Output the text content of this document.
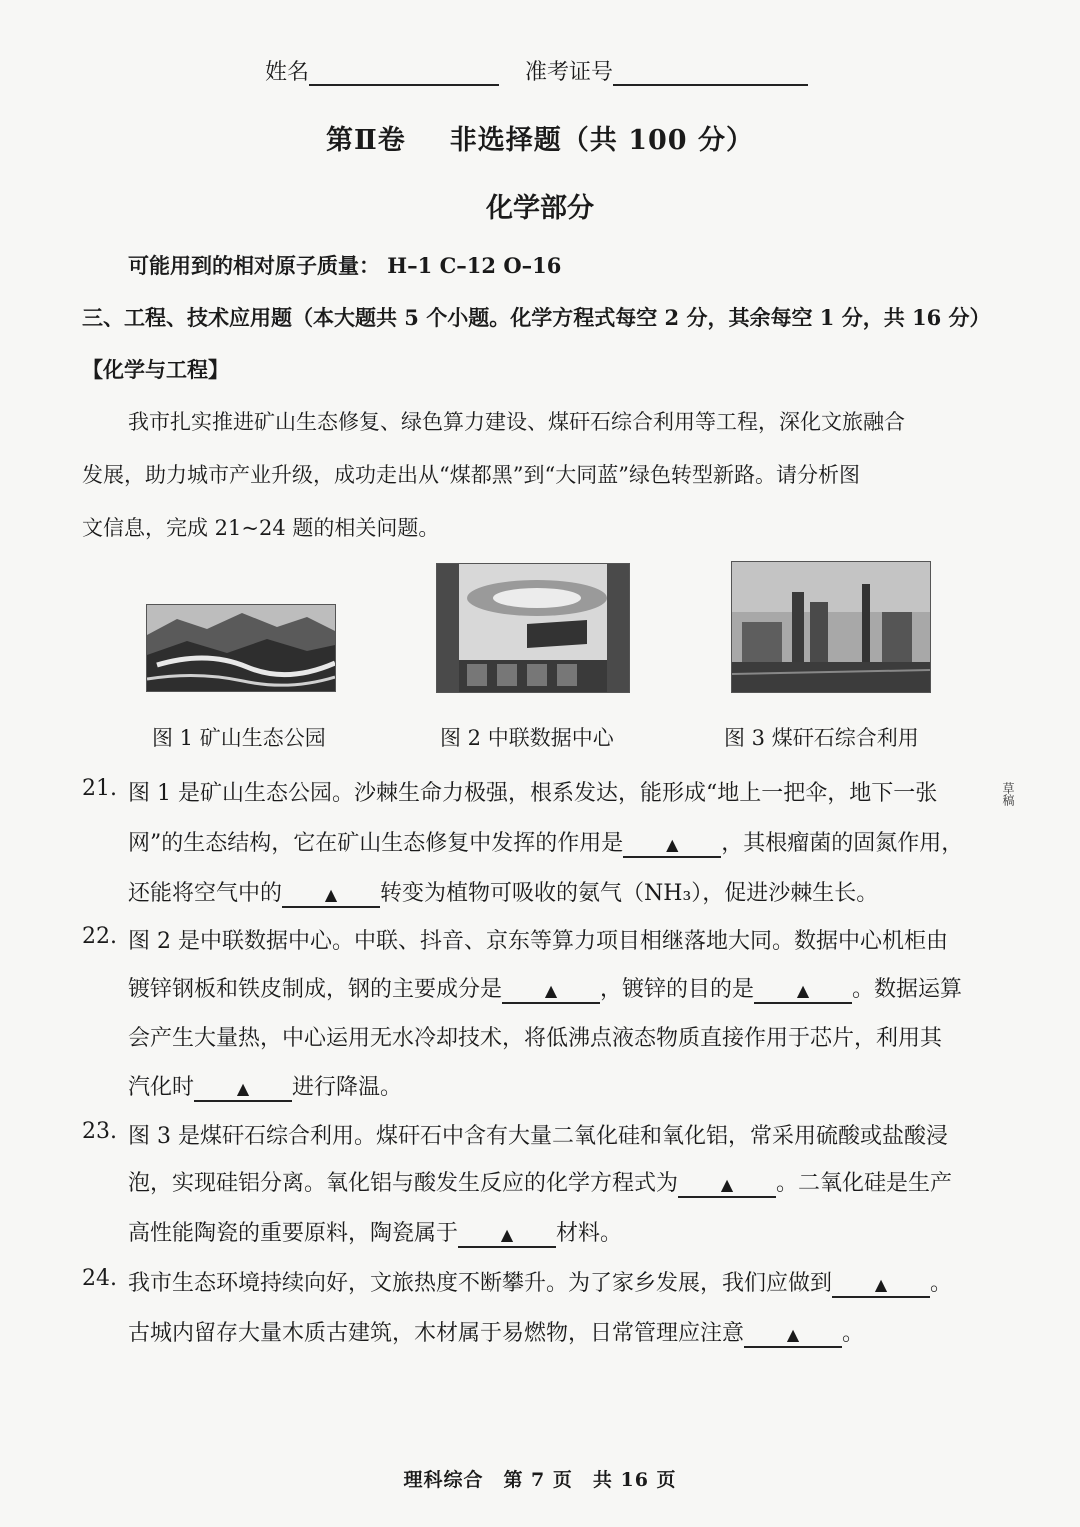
姓名	准考证号
第Ⅱ卷 非选择题（共 100 分）
化学部分
可能用到的相对原子质量： H–1 C–12 O–16
三、工程、技术应用题（本大题共 5 个小题。化学方程式每空 2 分，其余每空 1 分，共 16 分）
【化学与工程】
我市扎实推进矿山生态修复、绿色算力建设、煤矸石综合利用等工程，深化文旅融合
发展，助力城市产业升级，成功走出从“煤都黑”到“大同蓝”绿色转型新路。请分析图
文信息，完成 21~24 题的相关问题。
图 1 矿山生态公园	图 2 中联数据中心	图 3 煤矸石综合利用
21. 图 1 是矿山生态公园。沙棘生命力极强，根系发达，能形成“地上一把伞，地下一张
网”的生态结构，它在矿山生态修复中发挥的作用是	▲ ，其根瘤菌的固氮作用，
还能将空气中的	▲ 转变为植物可吸收的氨气（NH₃），促进沙棘生长。
草稿
22. 图 2 是中联数据中心。中联、抖音、京东等算力项目相继落地大同。数据中心机柜由
镀锌钢板和铁皮制成，钢的主要成分是	▲ ，镀锌的目的是	▲ 。数据运算
会产生大量热，中心运用无水冷却技术，将低沸点液态物质直接作用于芯片，利用其
汽化时	▲ 进行降温。
23. 图 3 是煤矸石综合利用。煤矸石中含有大量二氧化硅和氧化铝，常采用硫酸或盐酸浸
泡，实现硅铝分离。氧化铝与酸发生反应的化学方程式为	▲ 。二氧化硅是生产
高性能陶瓷的重要原料，陶瓷属于	▲ 材料。
24. 我市生态环境持续向好，文旅热度不断攀升。为了家乡发展，我们应做到	▲ 。
古城内留存大量木质古建筑，木材属于易燃物，日常管理应注意	▲ 。
理科综合　第 7 页　共 16 页
